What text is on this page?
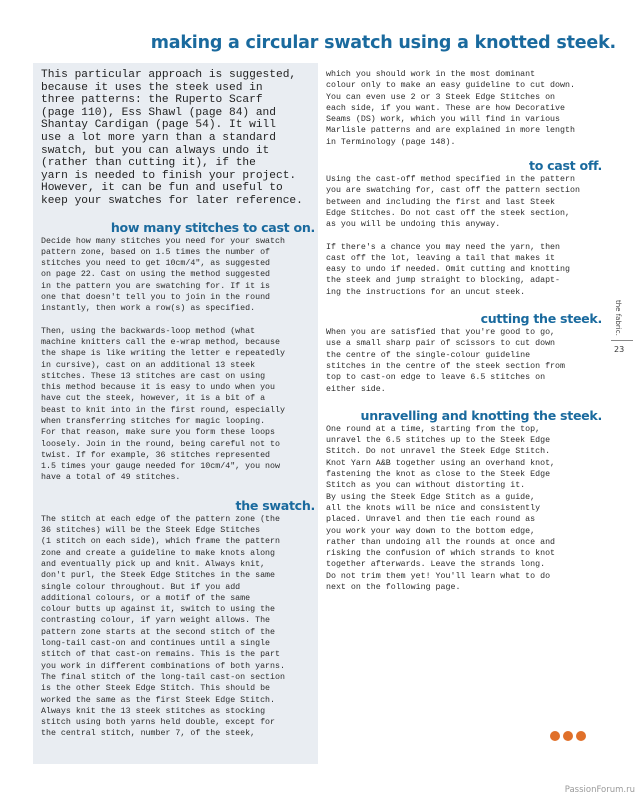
making a circular swatch using a knotted steek.
This particular approach is suggested,
because it uses the steek used in
three patterns: the Ruperto Scarf
(page 110), Ess Shawl (page 84) and
Shantay Cardigan (page 54). It will
use a lot more yarn than a standard
swatch, but you can always undo it
(rather than cutting it), if the
yarn is needed to finish your project.
However, it can be fun and useful to
keep your swatches for later reference.
how many stitches to cast on.
Decide how many stitches you need for your swatch
pattern zone, based on 1.5 times the number of
stitches you need to get 10cm/4", as suggested
on page 22. Cast on using the method suggested
in the pattern you are swatching for. If it is
one that doesn't tell you to join in the round
instantly, then work a row(s) as specified.
Then, using the backwards-loop method (what
machine knitters call the e-wrap method, because
the shape is like writing the letter e repeatedly
in cursive), cast on an additional 13 steek
stitches. These 13 stitches are cast on using
this method because it is easy to undo when you
have cut the steek, however, it is a bit of a
beast to knit into in the first round, especially
when transferring stitches for magic looping.
For that reason, make sure you form these loops
loosely. Join in the round, being careful not to
twist. If for example, 36 stitches represented
1.5 times your gauge needed for 10cm/4", you now
have a total of 49 stitches.
the swatch.
The stitch at each edge of the pattern zone (the
36 stitches) will be the Steek Edge Stitches
(1 stitch on each side), which frame the pattern
zone and create a guideline to make knots along
and eventually pick up and knit. Always knit,
don't purl, the Steek Edge Stitches in the same
single colour throughout. But if you add
additional colours, or a motif of the same
colour butts up against it, switch to using the
contrasting colour, if yarn weight allows. The
pattern zone starts at the second stitch of the
long-tail cast-on and continues until a single
stitch of that cast-on remains. This is the part
you work in different combinations of both yarns.
The final stitch of the long-tail cast-on section
is the other Steek Edge Stitch. This should be
worked the same as the first Steek Edge Stitch.
Always knit the 13 steek stitches as stocking
stitch using both yarns held double, except for
the central stitch, number 7, of the steek,
which you should work in the most dominant
colour only to make an easy guideline to cut down.
You can even use 2 or 3 Steek Edge Stitches on
each side, if you want. These are how Decorative
Seams (DS) work, which you will find in various
Marlisle patterns and are explained in more length
in Terminology (page 148).
to cast off.
Using the cast-off method specified in the pattern
you are swatching for, cast off the pattern section
between and including the first and last Steek
Edge Stitches. Do not cast off the steek section,
as you will be undoing this anyway.
If there's a chance you may need the yarn, then
cast off the lot, leaving a tail that makes it
easy to undo if needed. Omit cutting and knotting
the steek and jump straight to blocking, adapt-
ing the instructions for an uncut steek.
cutting the steek.
When you are satisfied that you're good to go,
use a small sharp pair of scissors to cut down
the centre of the single-colour guideline
stitches in the centre of the steek section from
top to cast-on edge to leave 6.5 stitches on
either side.
unravelling and knotting the steek.
One round at a time, starting from the top,
unravel the 6.5 stitches up to the Steek Edge
Stitch. Do not unravel the Steek Edge Stitch.
Knot Yarn A&B together using an overhand knot,
fastening the knot as close to the Steek Edge
Stitch as you can without distorting it.
By using the Steek Edge Stitch as a guide,
all the knots will be nice and consistently
placed. Unravel and then tie each round as
you work your way down to the bottom edge,
rather than undoing all the rounds at once and
risking the confusion of which strands to knot
together afterwards. Leave the strands long.
Do not trim them yet! You'll learn what to do
next on the following page.
the fabric.
23
PassionForum.ru
